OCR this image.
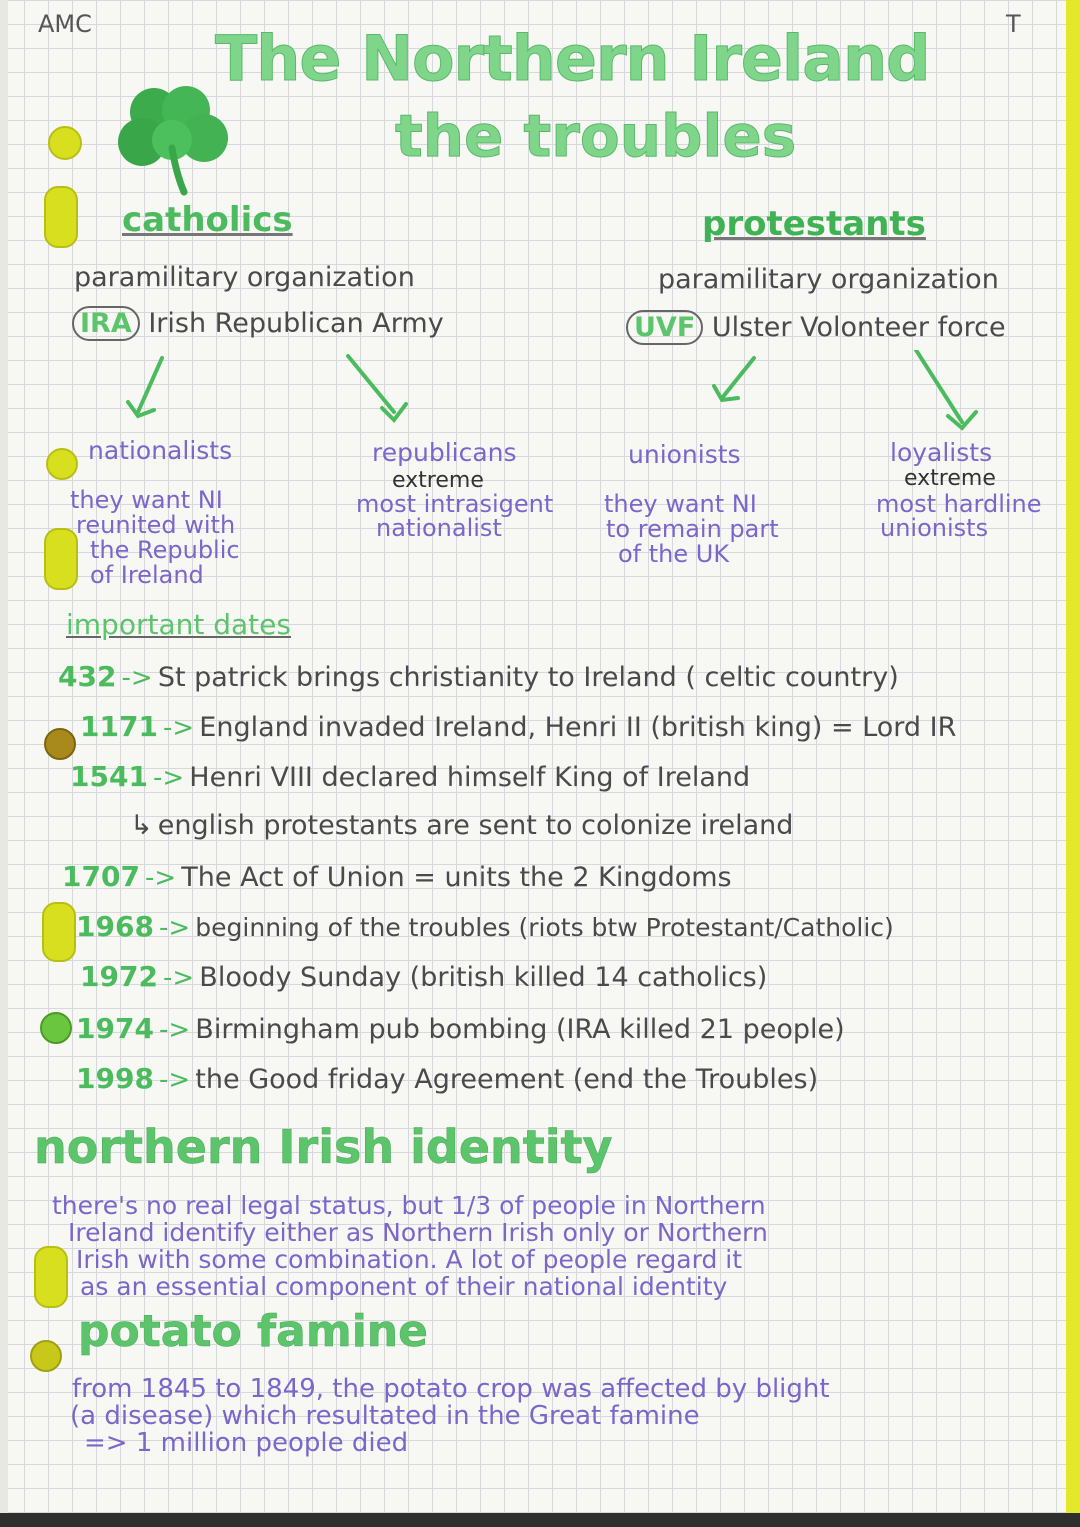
AMC	T
The Northern Ireland
the troubles
catholics
paramilitary organization
IRA Irish Republican Army
protestants
paramilitary organization
UVF Ulster Volonteer force
nationalists
they want NI
reunited with
the Republic
of Ireland
republicans
extreme
most intrasigent
nationalist
unionists
they want NI
to remain part
of the UK
loyalists
extreme
most hardline
unionists
important dates
432 -> St patrick brings christianity to Ireland ( celtic country)
1171 -> England invaded Ireland, Henri II (british king) = Lord IR
1541 -> Henri VIII declared himself King of Ireland
↳ english protestants are sent to colonize ireland
1707 -> The Act of Union = units the 2 Kingdoms
1968 -> beginning of the troubles (riots btw Protestant/Catholic)
1972 -> Bloody Sunday (british killed 14 catholics)
1974 -> Birmingham pub bombing (IRA killed 21 people)
1998 -> the Good friday Agreement (end the Troubles)
northern Irish identity
there's no real legal status, but 1/3 of people in Northern
Ireland identify either as Northern Irish only or Northern
Irish with some combination. A lot of people regard it
as an essential component of their national identity
potato famine
from 1845 to 1849, the potato crop was affected by blight
(a disease) which resultated in the Great famine
=> 1 million people died
